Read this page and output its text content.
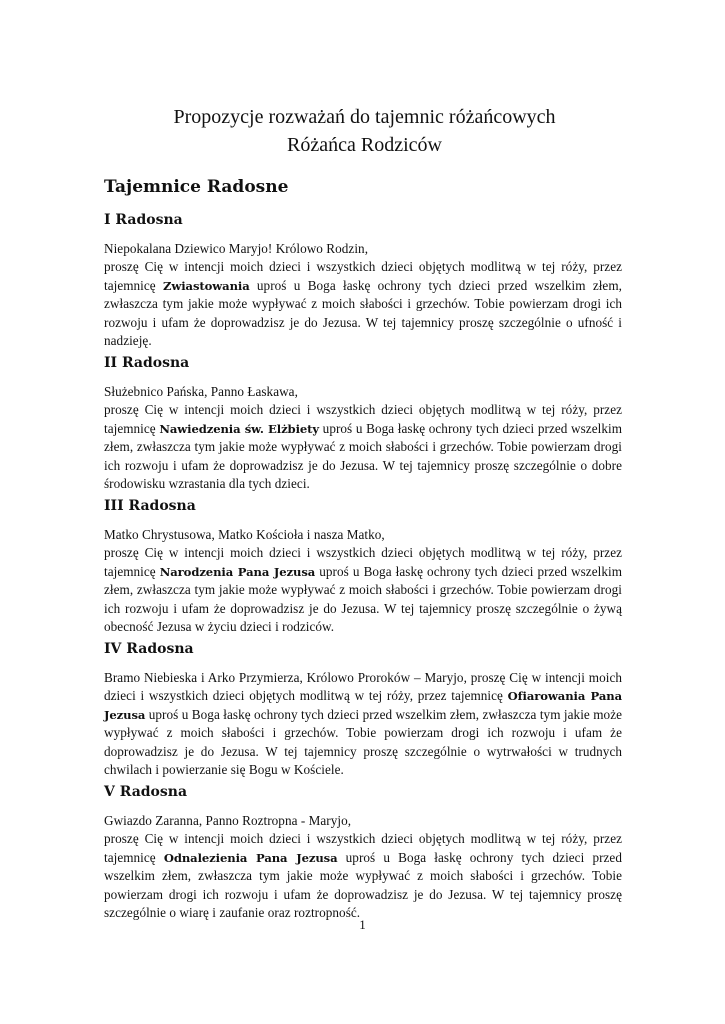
Propozycje rozważań do tajemnic różańcowych
Różańca Rodziców
Tajemnice Radosne
I Radosna

Niepokalana Dziewico Maryjo! Królowo Rodzin,
proszę Cię w intencji moich dzieci i wszystkich dzieci objętych modlitwą w tej róży, przez tajemnicę Zwiastowania uproś u Boga łaskę ochrony tych dzieci przed wszelkim złem, zwłaszcza tym jakie może wypływać z moich słabości i grzechów. Tobie powierzam drogi ich rozwoju i ufam że doprowadzisz je do Jezusa. W tej tajemnicy proszę szczególnie o ufność i nadzieję.

II Radosna

Służebnico Pańska, Panno Łaskawa,
proszę Cię w intencji moich dzieci i wszystkich dzieci objętych modlitwą w tej róży, przez tajemnicę Nawiedzenia św. Elżbiety uproś u Boga łaskę ochrony tych dzieci przed wszelkim złem, zwłaszcza tym jakie może wypływać z moich słabości i grzechów. Tobie powierzam drogi ich rozwoju i ufam że doprowadzisz je do Jezusa. W tej tajemnicy proszę szczególnie o dobre środowisku wzrastania dla tych dzieci.

III Radosna

Matko Chrystusowa, Matko Kościoła i nasza Matko,
proszę Cię w intencji moich dzieci i wszystkich dzieci objętych modlitwą w tej róży, przez tajemnicę Narodzenia Pana Jezusa uproś u Boga łaskę ochrony tych dzieci przed wszelkim złem, zwłaszcza tym jakie może wypływać z moich słabości i grzechów. Tobie powierzam drogi ich rozwoju i ufam że doprowadzisz je do Jezusa. W tej tajemnicy proszę szczególnie o żywą obecność Jezusa w życiu dzieci i rodziców.

IV Radosna

Bramo Niebieska i Arko Przymierza, Królowo Proroków – Maryjo, proszę Cię w intencji moich dzieci i wszystkich dzieci objętych modlitwą w tej róży, przez tajemnicę Ofiarowania Pana Jezusa uproś u Boga łaskę ochrony tych dzieci przed wszelkim złem, zwłaszcza tym jakie może wypływać z moich słabości i grzechów. Tobie powierzam drogi ich rozwoju i ufam że doprowadzisz je do Jezusa. W tej tajemnicy proszę szczególnie o wytrwałości w trudnych chwilach i powierzanie się Bogu w Kościele.

V Radosna

Gwiazdo Zaranna, Panno Roztropna - Maryjo,
proszę Cię w intencji moich dzieci i wszystkich dzieci objętych modlitwą w tej róży, przez tajemnicę Odnalezienia Pana Jezusa uproś u Boga łaskę ochrony tych dzieci przed wszelkim złem, zwłaszcza tym jakie może wypływać z moich słabości i grzechów. Tobie powierzam drogi ich rozwoju i ufam że doprowadzisz je do Jezusa. W tej tajemnicy proszę szczególnie o wiarę i zaufanie oraz roztropność.

1
